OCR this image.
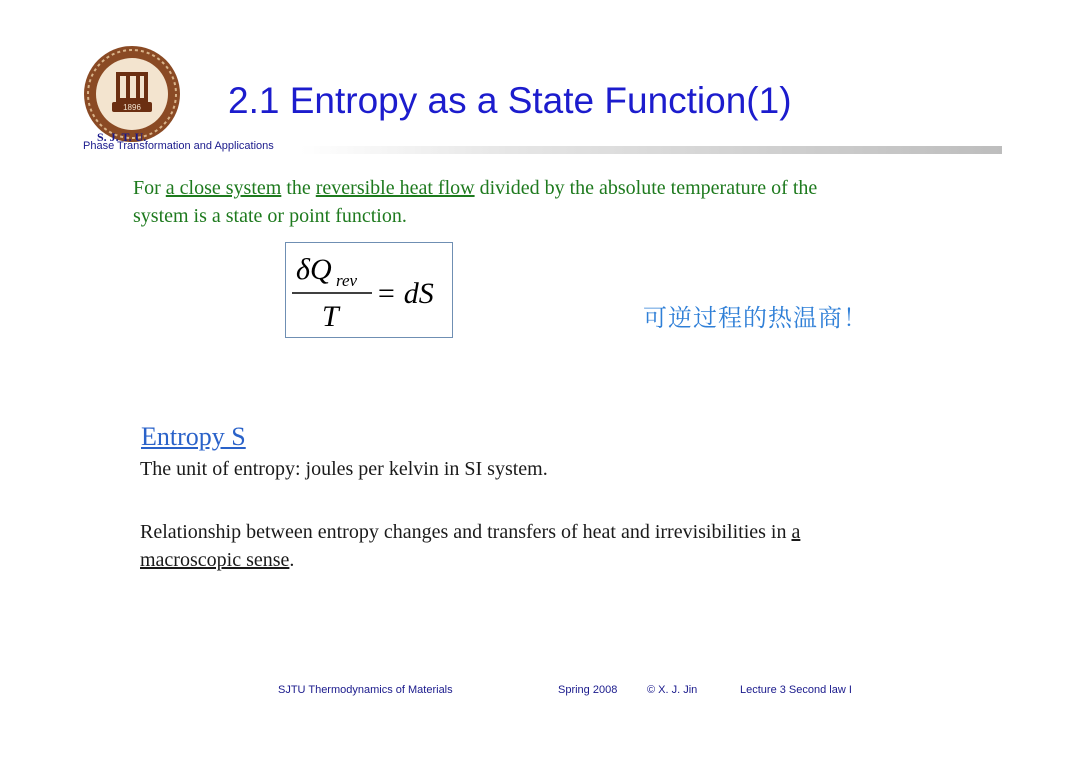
1896
S. J. T. U.
Phase Transformation and Applications
2.1 Entropy as a State Function(1)
For a close system the reversible heat flow divided by the absolute temperature of the system is a state or point function.
δQ rev
T
= dS
可逆过程的热温商！
Entropy S
The unit of entropy: joules per kelvin in SI system.
Relationship between entropy changes and transfers of heat and irrevisibilities in a macroscopic sense.
SJTU Thermodynamics of Materials	Spring 2008	© X. J. Jin	Lecture 3 Second law I
